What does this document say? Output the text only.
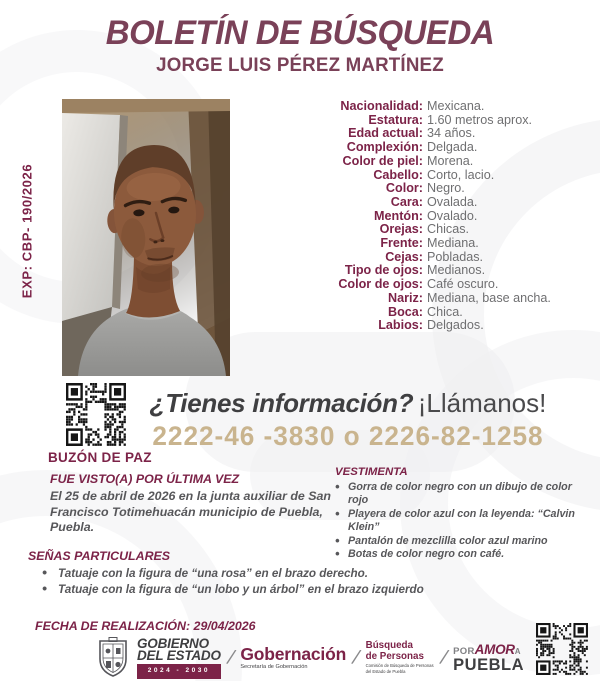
BOLETÍN DE BÚSQUEDA
JORGE LUIS PÉREZ MARTÍNEZ
EXP: CBP- 190/2026
Nacionalidad: Mexicana.
Estatura: 1.60 metros aprox.
Edad actual: 34 años.
Complexión: Delgada.
Color de piel: Morena.
Cabello: Corto, lacio.
Color: Negro.
Cara: Ovalada.
Mentón: Ovalado.
Orejas: Chicas.
Frente: Mediana.
Cejas: Pobladas.
Tipo de ojos: Medianos.
Color de ojos: Café oscuro.
Nariz: Mediana, base ancha.
Boca: Chica.
Labios: Delgados.
BUZÓN DE PAZ
¿Tienes información? ¡Llámanos!
2222-46 -3830 o 2226-82-1258
FUE VISTO(A) POR ÚLTIMA VEZ
El 25 de abril de 2026 en la junta auxiliar de San Francisco Totimehuacán municipio de Puebla, Puebla.
VESTIMENTA
• Gorra de color negro con un dibujo de color rojo
• Playera de color azul con la leyenda: “Calvin Klein”
• Pantalón de mezclilla color azul marino
• Botas de color negro con café.
SEÑAS PARTICULARES
• Tatuaje con la figura de “una rosa” en el brazo derecho.
• Tatuaje con la figura de “un lobo y un árbol” en el brazo izquierdo
FECHA DE REALIZACIÓN: 29/04/2026
GOBIERNO
DEL ESTADO
2024 - 2030
/ Gobernación
Secretaría de Gobernación	/
Búsqueda
de Personas
Comisión de Búsqueda de Personas
del Estado de Puebla
/ POR AMOR A
PUEBLA
